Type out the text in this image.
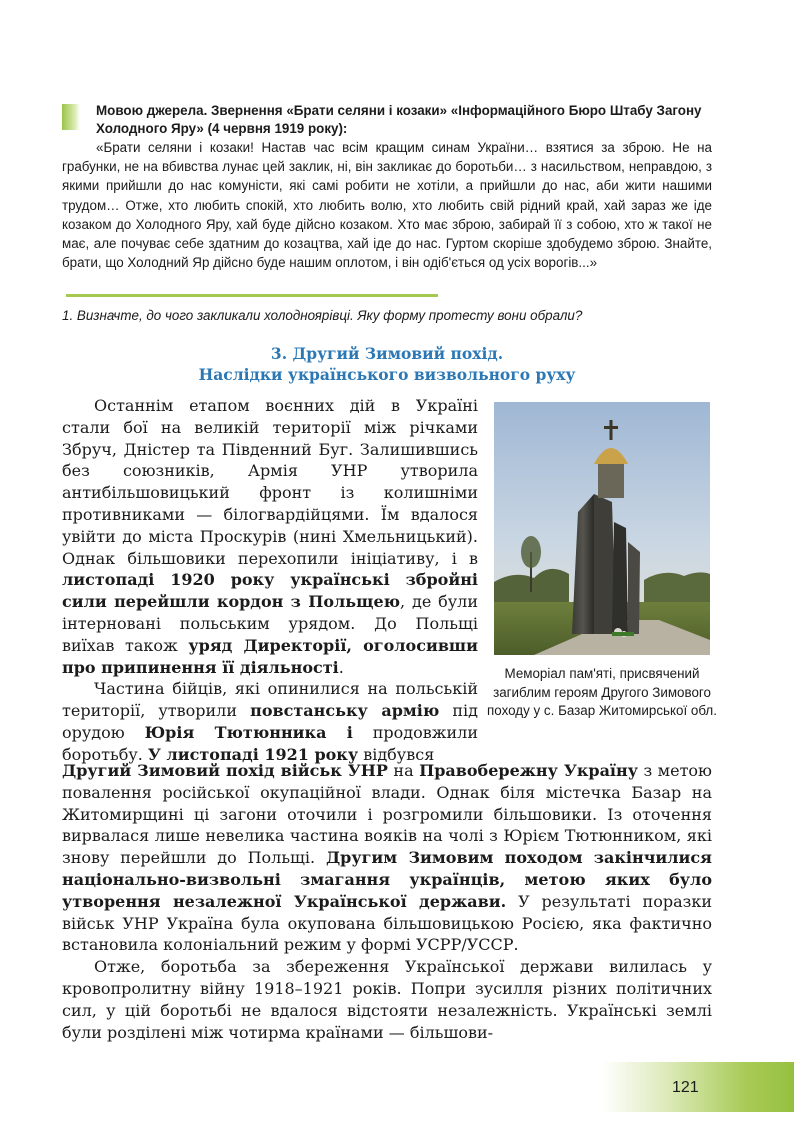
Мовою джерела. Звернення «Брати селяни і козаки» «Інформаційного Бюро Штабу Загону Холодного Яру» (4 червня 1919 року):

«Брати селяни і козаки! Настав час всім кращим синам України… взятися за зброю. Не на грабунки, не на вбивства лунає цей заклик, ні, він закликає до боротьби… з насильством, неправдою, з якими прийшли до нас комуністи, які самі робити не хотіли, а прийшли до нас, аби жити нашими трудом… Отже, хто любить спокій, хто любить волю, хто любить свій рідний край, хай зараз же іде козаком до Холодного Яру, хай буде дійсно козаком. Хто має зброю, забирай її з собою, хто ж такої не має, але почуває себе здатним до козацтва, хай іде до нас. Гуртом скоріше здобудемо зброю. Знайте, брати, що Холодний Яр дійсно буде нашим оплотом, і він одіб'ється од усіх ворогів...»

1. Визначте, до чого закликали холодноярівці. Яку форму протесту вони обрали?

3. Другий Зимовий похід.
Наслідки українського визвольного руху

Останнім етапом воєнних дій в Україні стали бої на великій території між річками Збруч, Дністер та Південний Буг. Залишившись без союзників, Армія УНР утворила антибільшовицький фронт із колишніми противниками — білогвардійцями. Їм вдалося увійти до міста Проскурів (нині Хмельницький). Однак більшовики перехопили ініціативу, і в листопаді 1920 року українські збройні сили перейшли кордон з Польщею, де були інтерновані польським урядом. До Польщі виїхав також уряд Директорії, оголосивши про припинення її діяльності.

Частина бійців, які опинилися на польській території, утворили повстанську армію під орудою Юрія Тютюнника і продовжили боротьбу. У листопаді 1921 року відбувся

Меморіал пам'яті, присвячений загиблим героям Другого Зимового походу у с. Базар Житомирської обл.

Другий Зимовий похід військ УНР на Правобережну Україну з метою повалення російської окупаційної влади. Однак біля містечка Базар на Житомирщині ці загони оточили і розгромили більшовики. Із оточення вирвалася лише невелика частина вояків на чолі з Юрієм Тютюнником, які знову перейшли до Польщі. Другим Зимовим походом закінчилися національно-визвольні змагання українців, метою яких було утворення незалежної Української держави. У результаті поразки військ УНР Україна була окупована більшовицькою Росією, яка фактично встановила колоніальний режим у формі УСРР/УССР.

Отже, боротьба за збереження Української держави вилилась у кровопролитну війну 1918–1921 років. Попри зусилля різних політичних сил, у цій боротьбі не вдалося відстояти незалежність. Українські землі були розділені між чотирма країнами — більшови-

121
